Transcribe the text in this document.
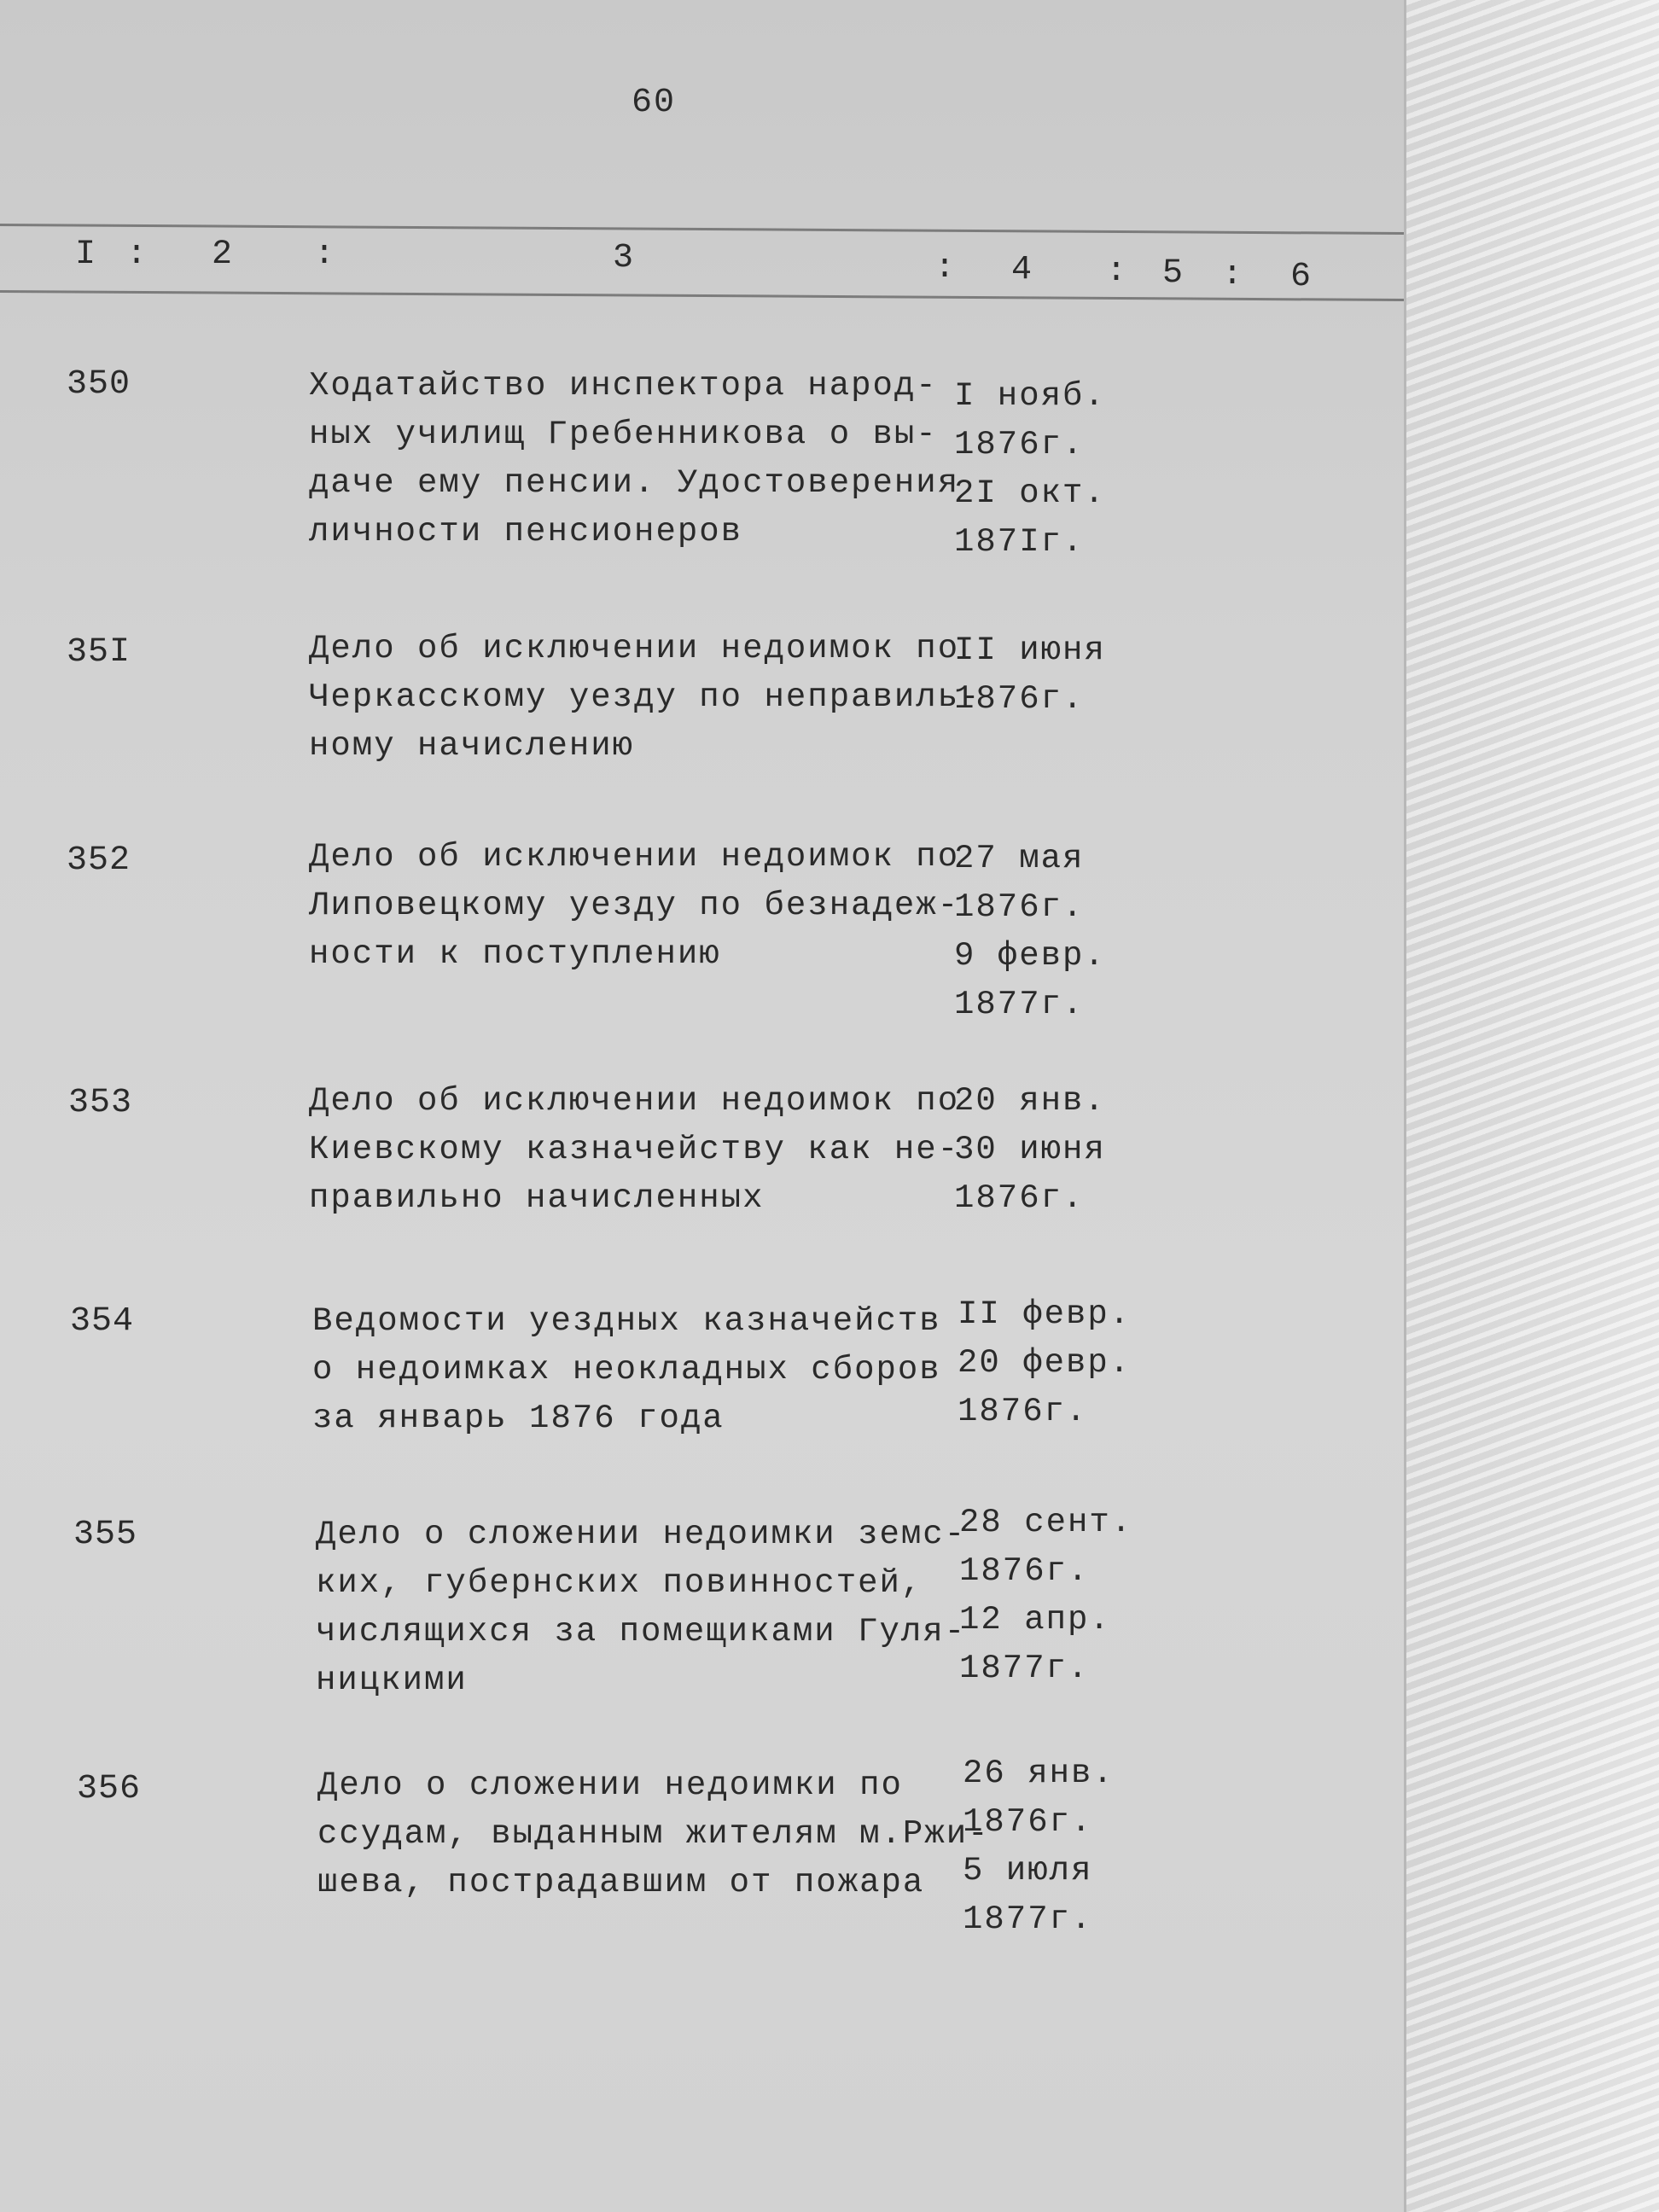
60
I : 2 :	3	: 4 : 5 : 6
350	Ходатайство инспектора народ-
ных училищ Гребенникова о вы-
даче ему пенсии. Удостоверения
личности пенсионеров
I нояб.
1876г.
2I окт.
187Iг.
35I	Дело об исключении недоимок по
Черкасскому уезду по неправиль-
ному начислению
II июня
1876г.
352	Дело об исключении недоимок по
Липовецкому уезду по безнадеж-
ности к поступлению
27 мая
1876г.
9 февр.
1877г.
353	Дело об исключении недоимок по
Киевскому казначейству как не-
правильно начисленных
20 янв.
30 июня
1876г.
354	Ведомости уездных казначейств
о недоимках неокладных сборов
за январь 1876 года
II февр.
20 февр.
1876г.
355	Дело о сложении недоимки земс-
ких, губернских повинностей,
числящихся за помещиками Гуля-
ницкими
28 сент.
1876г.
12 апр.
1877г.
356	Дело о сложении недоимки по
ссудам, выданным жителям м.Ржи-
шева, пострадавшим от пожара
26 янв.
1876г.
5 июля
1877г.
